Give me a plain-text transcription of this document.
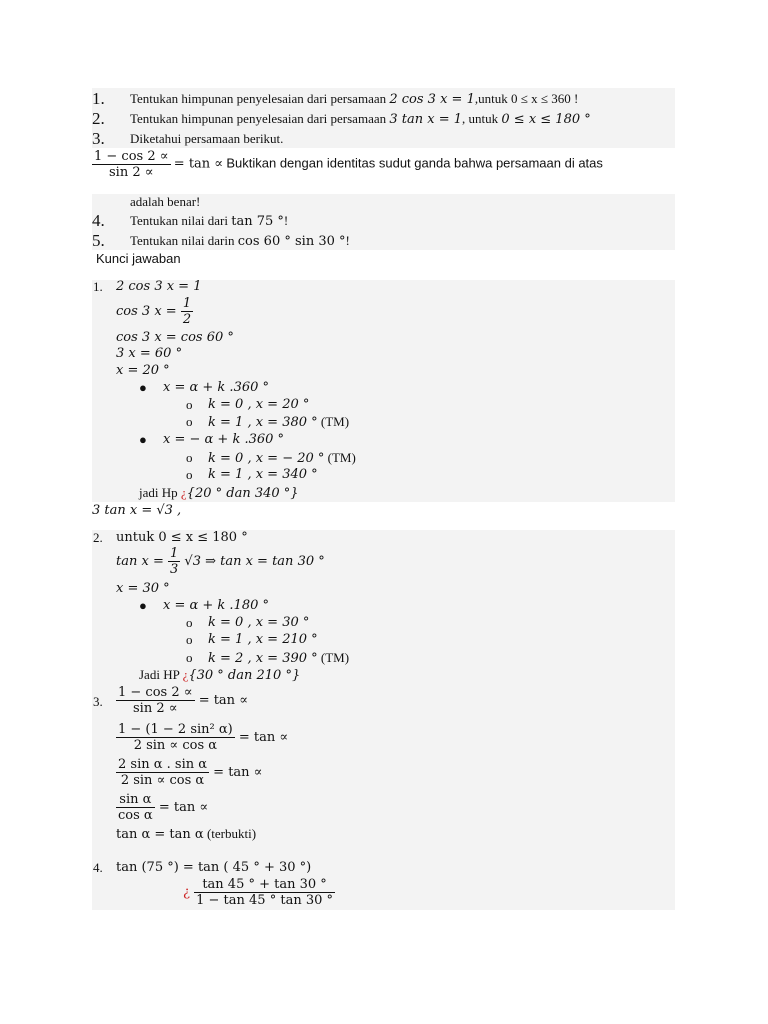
1. Tentukan himpunan penyelesaian dari persamaan 2 cos 3 x = 1,untuk 0 ≤ x ≤ 360 !
2. Tentukan himpunan penyelesaian dari persamaan 3 tan x = 1, untuk 0 ≤ x ≤ 180 °
3. Diketahui persamaan berikut.
$\frac{1 - \cos 2 \propto}{\sin 2 \propto} = \tan$ ∝ Buktikan dengan identitas sudut ganda bahwa persamaan di atas
adalah benar!
4. Tentukan nilai dari tan 75 °!
5. Tentukan nilai darin cos 60 ° sin 30 °!
Kunci jawaban
1. 2 cos 3 x = 1
cos 3 $x = \frac{1}{2}$
cos 3 x = cos 60 °
3 x = 60 °
x = 20 °
● x = α + k .360 °
o k = 0 , x = 20 °
o k = 1 , x = 380 ° (TM)
● x = − α + k .360 °
o k = 0 , x = − 20 ° (TM)
o k = 1 , x = 340 °
jadi Hp ¿{20 ° dan 340 °}
3 tan x = √3 ,
2. untuk 0 ≤ x ≤ 180 °
$\tan x = \frac{1}{3} √3$ ⇒ tan x = tan 30 °
x = 30 °
● x = α + k .180 °
o k = 0 , x = 30 °
o k = 1 , x = 210 °
o k = 2 , x = 390 ° (TM)
Jadi HP ¿{30 ° dan 210 °}
3. $\frac{1 - \cos 2 \propto}{\sin 2 \propto} = \tan$ ∝
$\frac{\text{1 − (1 − 2 sin² α)}}{\text{2 sin ∝ cos α}} = \tan$ ∝
$\frac{\text{2 sin α . sin α}}{\text{2 sin ∝ cos α}} = \tan$ ∝
$\frac{\text{sin α}}{\text{cos α}} = \tan$ ∝
tan α = tan α (terbukti)
4. tan (75 °) = tan ( 45 ° + 30 °)
¿ $\frac{\tan 45 ^\circ + \tan 30 ^\circ}{1 - \tan 45 ^\circ \tan 30 ^\circ}$
